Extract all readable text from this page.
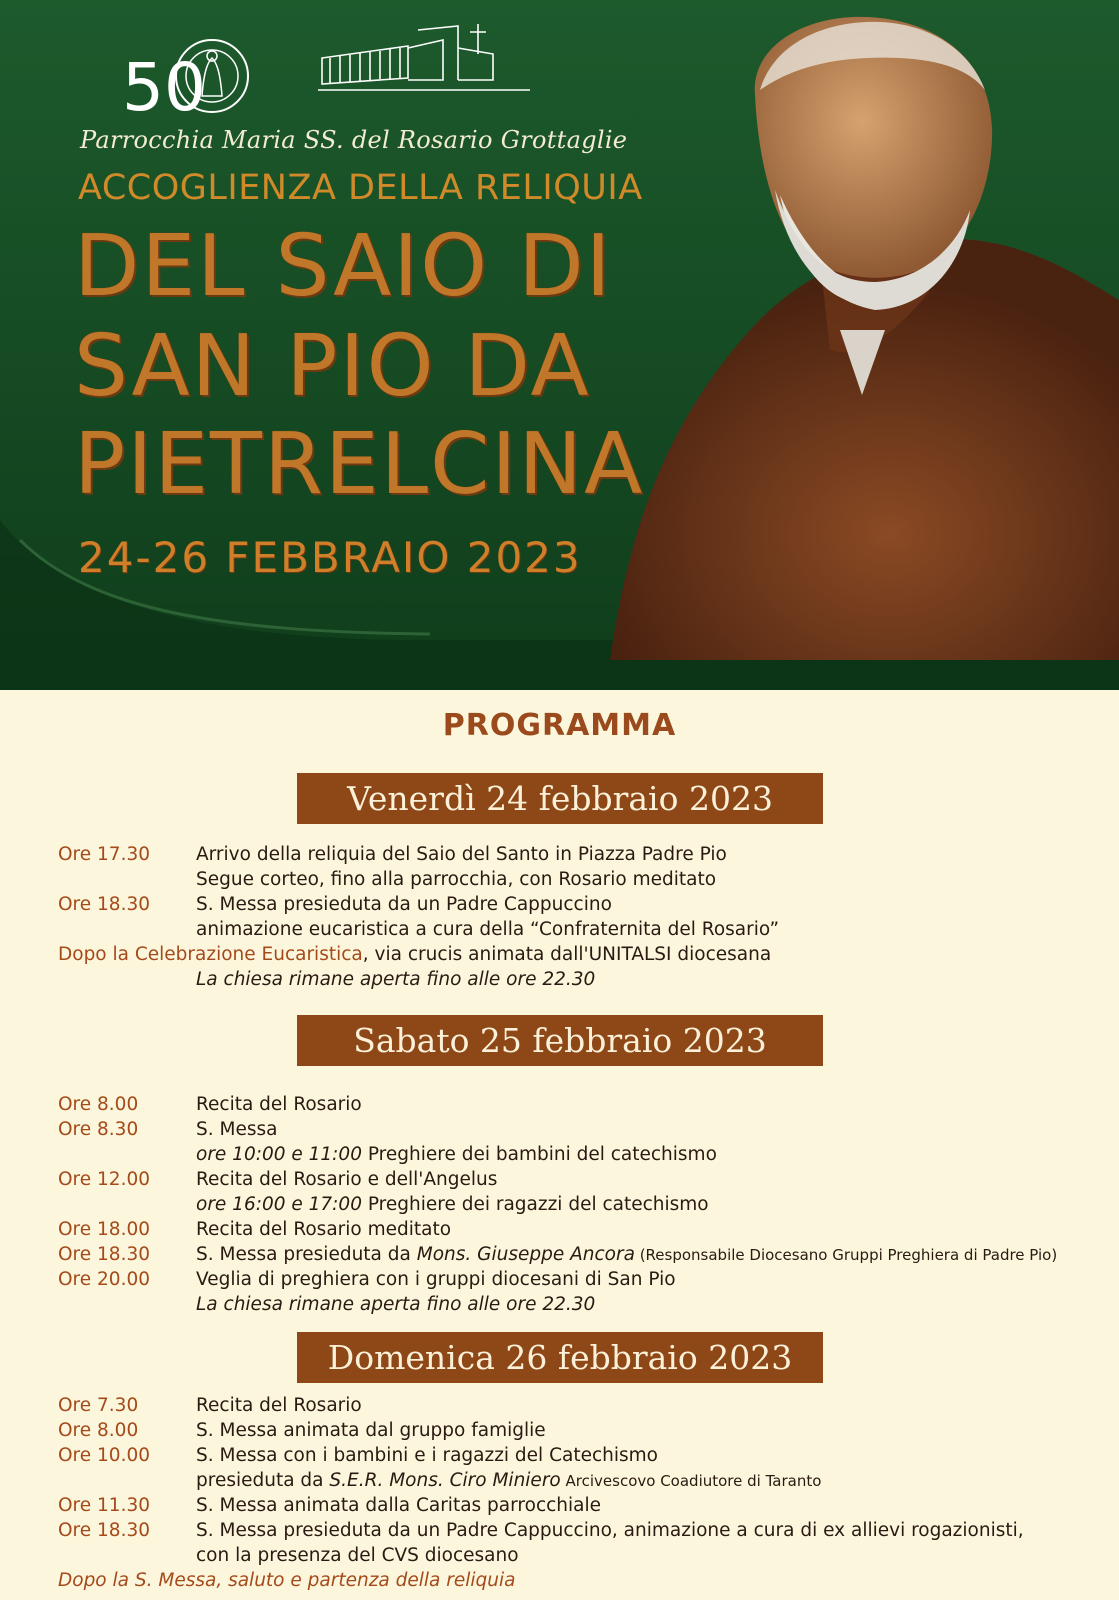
50
Parrocchia Maria SS. del Rosario Grottaglie
ACCOGLIENZA DELLA RELIQUIA
DEL SAIO DI
SAN PIO DA
PIETRELCINA
24-26 FEBBRAIO 2023
PROGRAMMA
Venerdì 24 febbraio 2023
Ore 17.30 Arrivo della reliquia del Saio del Santo in Piazza Padre Pio
Segue corteo, fino alla parrocchia, con Rosario meditato
Ore 18.30 S. Messa presieduta da un Padre Cappuccino
animazione eucaristica a cura della “Confraternita del Rosario”
Dopo la Celebrazione Eucaristica, via crucis animata dall'UNITALSI diocesana
La chiesa rimane aperta fino alle ore 22.30
Sabato 25 febbraio 2023
Ore 8.00	Recita del Rosario
Ore 8.30	S. Messa
ore 10:00 e 11:00 Preghiere dei bambini del catechismo
Ore 12.00 Recita del Rosario e dell'Angelus
ore 16:00 e 17:00 Preghiere dei ragazzi del catechismo
Ore 18.00 Recita del Rosario meditato
Ore 18.30 S. Messa presieduta da Mons. Giuseppe Ancora (Responsabile Diocesano Gruppi Preghiera di Padre Pio)
Ore 20.00 Veglia di preghiera con i gruppi diocesani di San Pio
La chiesa rimane aperta fino alle ore 22.30
Domenica 26 febbraio 2023
Ore 7.30	Recita del Rosario
Ore 8.00	S. Messa animata dal gruppo famiglie
Ore 10.00 S. Messa con i bambini e i ragazzi del Catechismo
presieduta da S.E.R. Mons. Ciro Miniero Arcivescovo Coadiutore di Taranto
Ore 11.30 S. Messa animata dalla Caritas parrocchiale
Ore 18.30 S. Messa presieduta da un Padre Cappuccino, animazione a cura di ex allievi rogazionisti,
con la presenza del CVS diocesano
Dopo la S. Messa, saluto e partenza della reliquia
